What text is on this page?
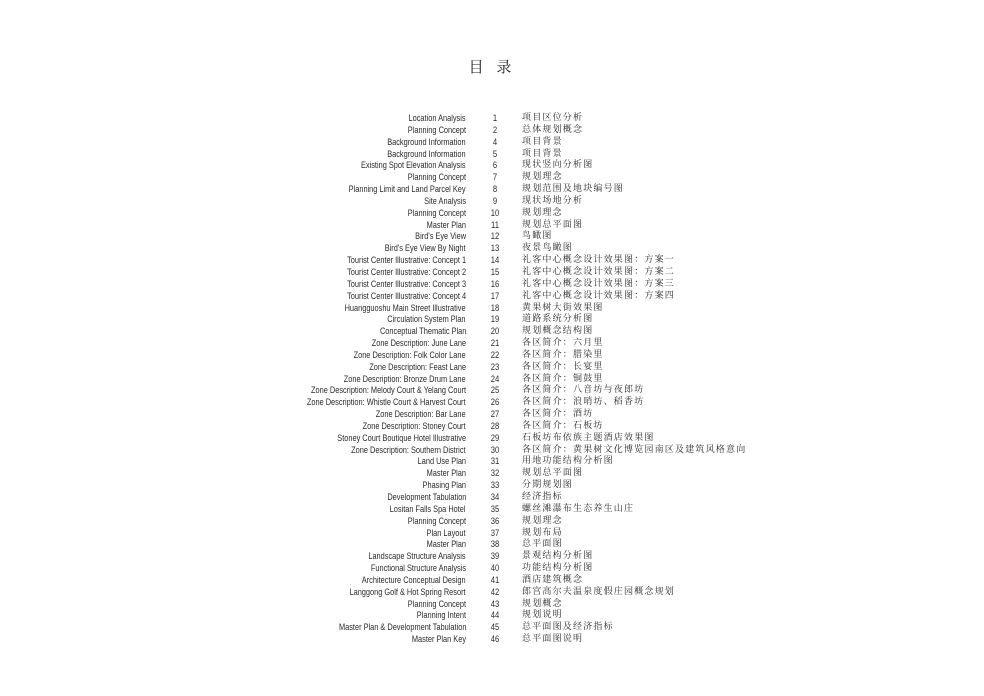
目 录
Location Analysis	1	项目区位分析
Planning Concept	2	总体规划概念
Background Information	4	项目背景
Background Information	5	项目背景
Existing Spot Elevation Analysis	6	现状竖向分析图
Planning Concept	7	规划理念
Planning Limit and Land Parcel Key	8	规划范围及地块编号图
Site Analysis	9	现状场地分析
Planning Concept	10	规划理念
Master Plan	11	规划总平面图
Bird's Eye View	12	鸟瞰图
Bird's Eye View By Night	13	夜景鸟瞰图
Tourist Center Illustrative: Concept 1	14	礼客中心概念设计效果图：方案一
Tourist Center Illustrative: Concept 2	15	礼客中心概念设计效果图：方案二
Tourist Center Illustrative: Concept 3	16	礼客中心概念设计效果图：方案三
Tourist Center Illustrative: Concept 4	17	礼客中心概念设计效果图：方案四
Huangguoshu Main Street Illustrative	18	黄果树大街效果图
Circulation System Plan	19	道路系统分析图
Conceptual Thematic Plan	20	规划概念结构图
Zone Description: June Lane	21	各区简介：六月里
Zone Description: Folk Color Lane	22	各区简介：腊染里
Zone Description: Feast Lane	23	各区简介：长宴里
Zone Description: Bronze Drum Lane	24	各区简介：铜鼓里
Zone Description: Melody Court & Yelang Court	25	各区简介：八音坊与夜郎坊
Zone Description: Whistle Court & Harvest Court	26	各区简介：浪哨坊、稻香坊
Zone Description: Bar Lane	27	各区简介：酒坊
Zone Description: Stoney Court	28	各区简介：石板坊
Stoney Court Boutique Hotel Illustrative	29	石板坊布依族主题酒店效果图
Zone Description: Southern District	30	各区简介：黄果树文化博览园南区及建筑风格意向
Land Use Plan	31	用地功能结构分析图
Master Plan	32	规划总平面图
Phasing Plan	33	分期规划图
Development Tabulation	34	经济指标
Lositan Falls Spa Hotel	35	螺丝滩瀑布生态养生山庄
Planning Concept	36	规划理念
Plan Layout	37	规划布局
Master Plan	38	总平面图
Landscape Structure Analysis	39	景观结构分析图
Functional Structure Analysis	40	功能结构分析图
Architecture Conceptual Design	41	酒店建筑概念
Langgong Golf & Hot Spring Resort	42	郎宫高尔夫温泉度假庄园概念规划
Planning Concept	43	规划概念
Planning Intent	44	规划说明
Master Plan & Development Tabulation	45	总平面图及经济指标
Master Plan Key	46	总平面图说明
